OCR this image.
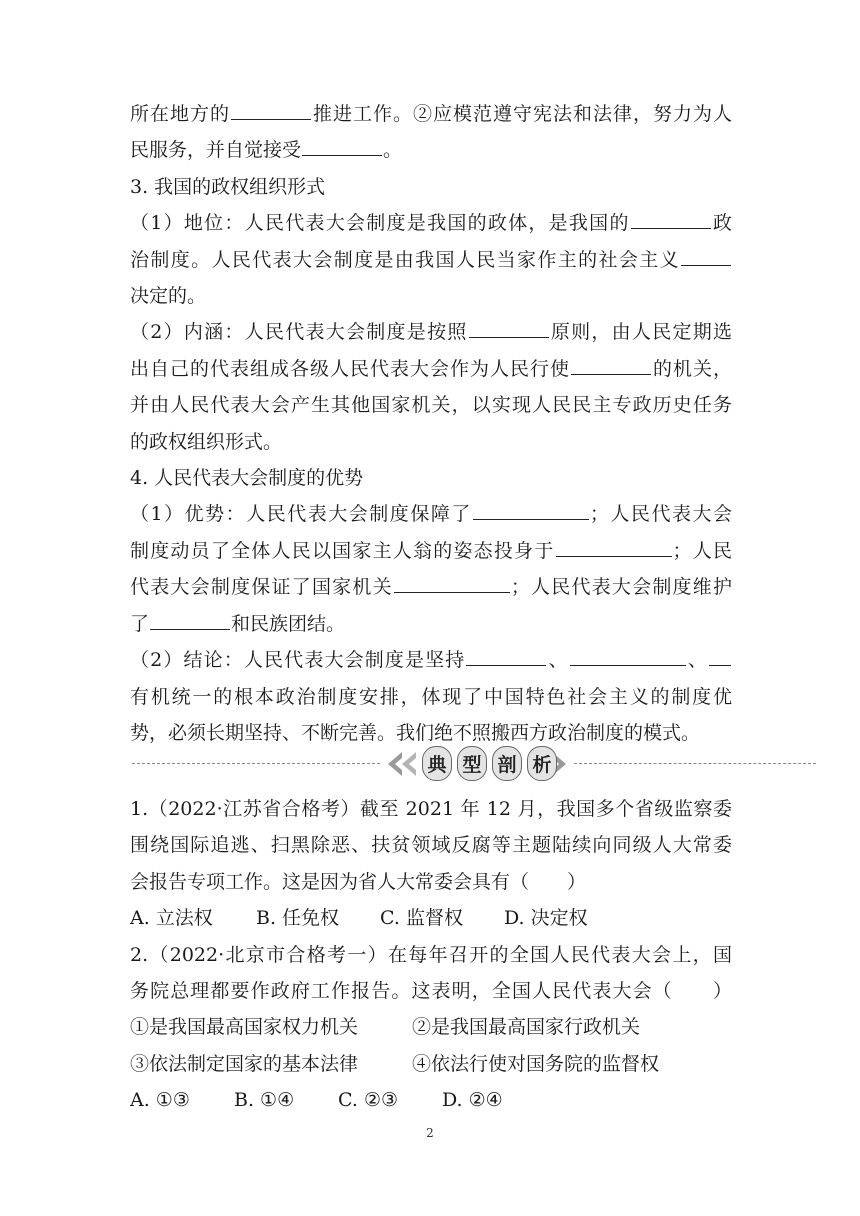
所在地方的	推进工作。②应模范遵守宪法和法律，努力为人
民服务，并自觉接受	。
3. 我国的政权组织形式
（1）地位：人民代表大会制度是我国的政体，是我国的	政
治制度。人民代表大会制度是由我国人民当家作主的社会主义
决定的。
（2）内涵：人民代表大会制度是按照	原则，由人民定期选
出自己的代表组成各级人民代表大会作为人民行使	的机关，
并由人民代表大会产生其他国家机关，以实现人民民主专政历史任务
的政权组织形式。
4. 人民代表大会制度的优势
（1）优势：人民代表大会制度保障了	；人民代表大会
制度动员了全体人民以国家主人翁的姿态投身于	；人民
代表大会制度保证了国家机关	；人民代表大会制度维护
了	和民族团结。
（2）结论：人民代表大会制度是坚持	、	、
有机统一的根本政治制度安排，体现了中国特色社会主义的制度优
势，必须长期坚持、不断完善。我们绝不照搬西方政治制度的模式。
典 型 剖 析
1.（2022·江苏省合格考）截至 2021 年 12 月，我国多个省级监察委
围绕国际追逃、扫黑除恶、扶贫领域反腐等主题陆续向同级人大常委
会报告专项工作。这是因为省人大常委会具有（　　）
A. 立法权 B. 任免权 C. 监督权 D. 决定权
2.（2022·北京市合格考一）在每年召开的全国人民代表大会上，国
务院总理都要作政府工作报告。这表明，全国人民代表大会（　　）
①是我国最高国家权力机关	②是我国最高国家行政机关
③依法制定国家的基本法律	④依法行使对国务院的监督权
A. ①③ B. ①④ C. ②③ D. ②④
2
